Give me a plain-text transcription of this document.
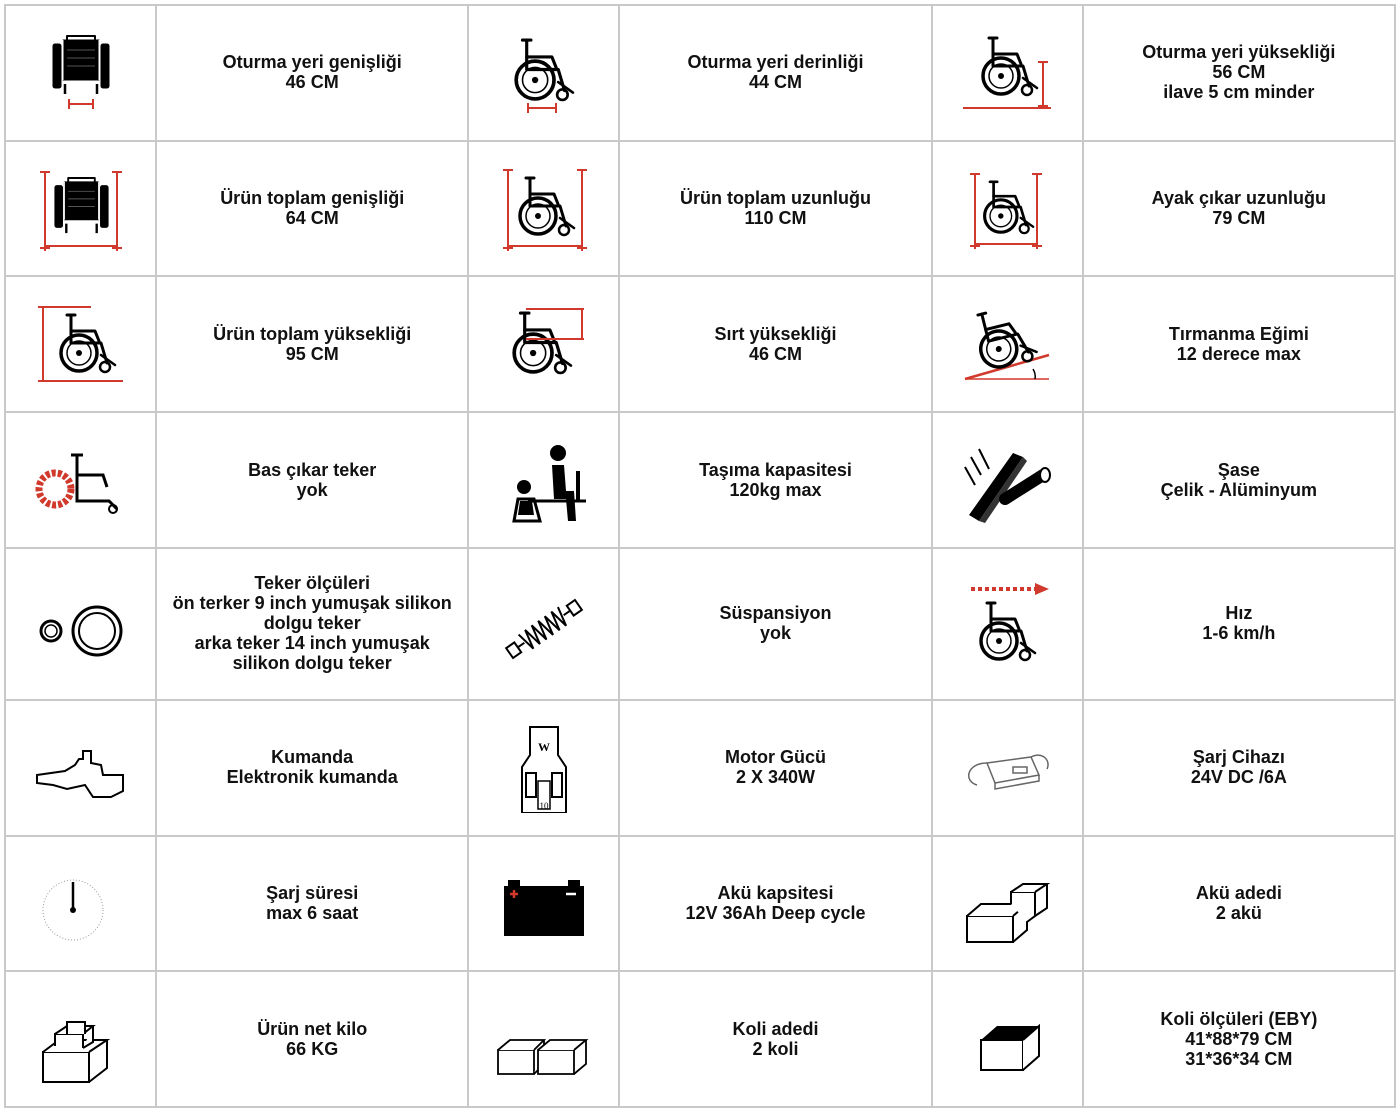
Oturma yeri genişliği
46 CM		Oturma yeri derinliği
44 CM		Oturma yeri yüksekliği
56 CM
ilave 5 cm minder

Ürün toplam genişliği
64 CM		Ürün toplam uzunluğu
110 CM		Ayak çıkar uzunluğu
79 CM

Ürün toplam yüksekliği
95 CM		Sırt yüksekliği
46 CM		Tırmanma Eğimi
12 derece max

Bas çıkar teker
yok		Taşıma kapasitesi
120kg max		Şase
Çelik - Alüminyum

Teker ölçüleri
ön terker 9 inch yumuşak silikon
dolgu teker
arka teker 14 inch yumuşak
silikon dolgu teker		Süspansiyon
yok		Hız
1-6 km/h

Kumanda
Elektronik kumanda	W
10	Motor Gücü
2 X 340W		Şarj Cihazı
24V DC /6A

Şarj süresi
max 6 saat		Akü kapsitesi
12V 36Ah Deep cycle		Akü adedi
2 akü

Ürün net kilo
66 KG		Koli adedi
2 koli		Koli ölçüleri (EBY)
41*88*79 CM
31*36*34 CM
